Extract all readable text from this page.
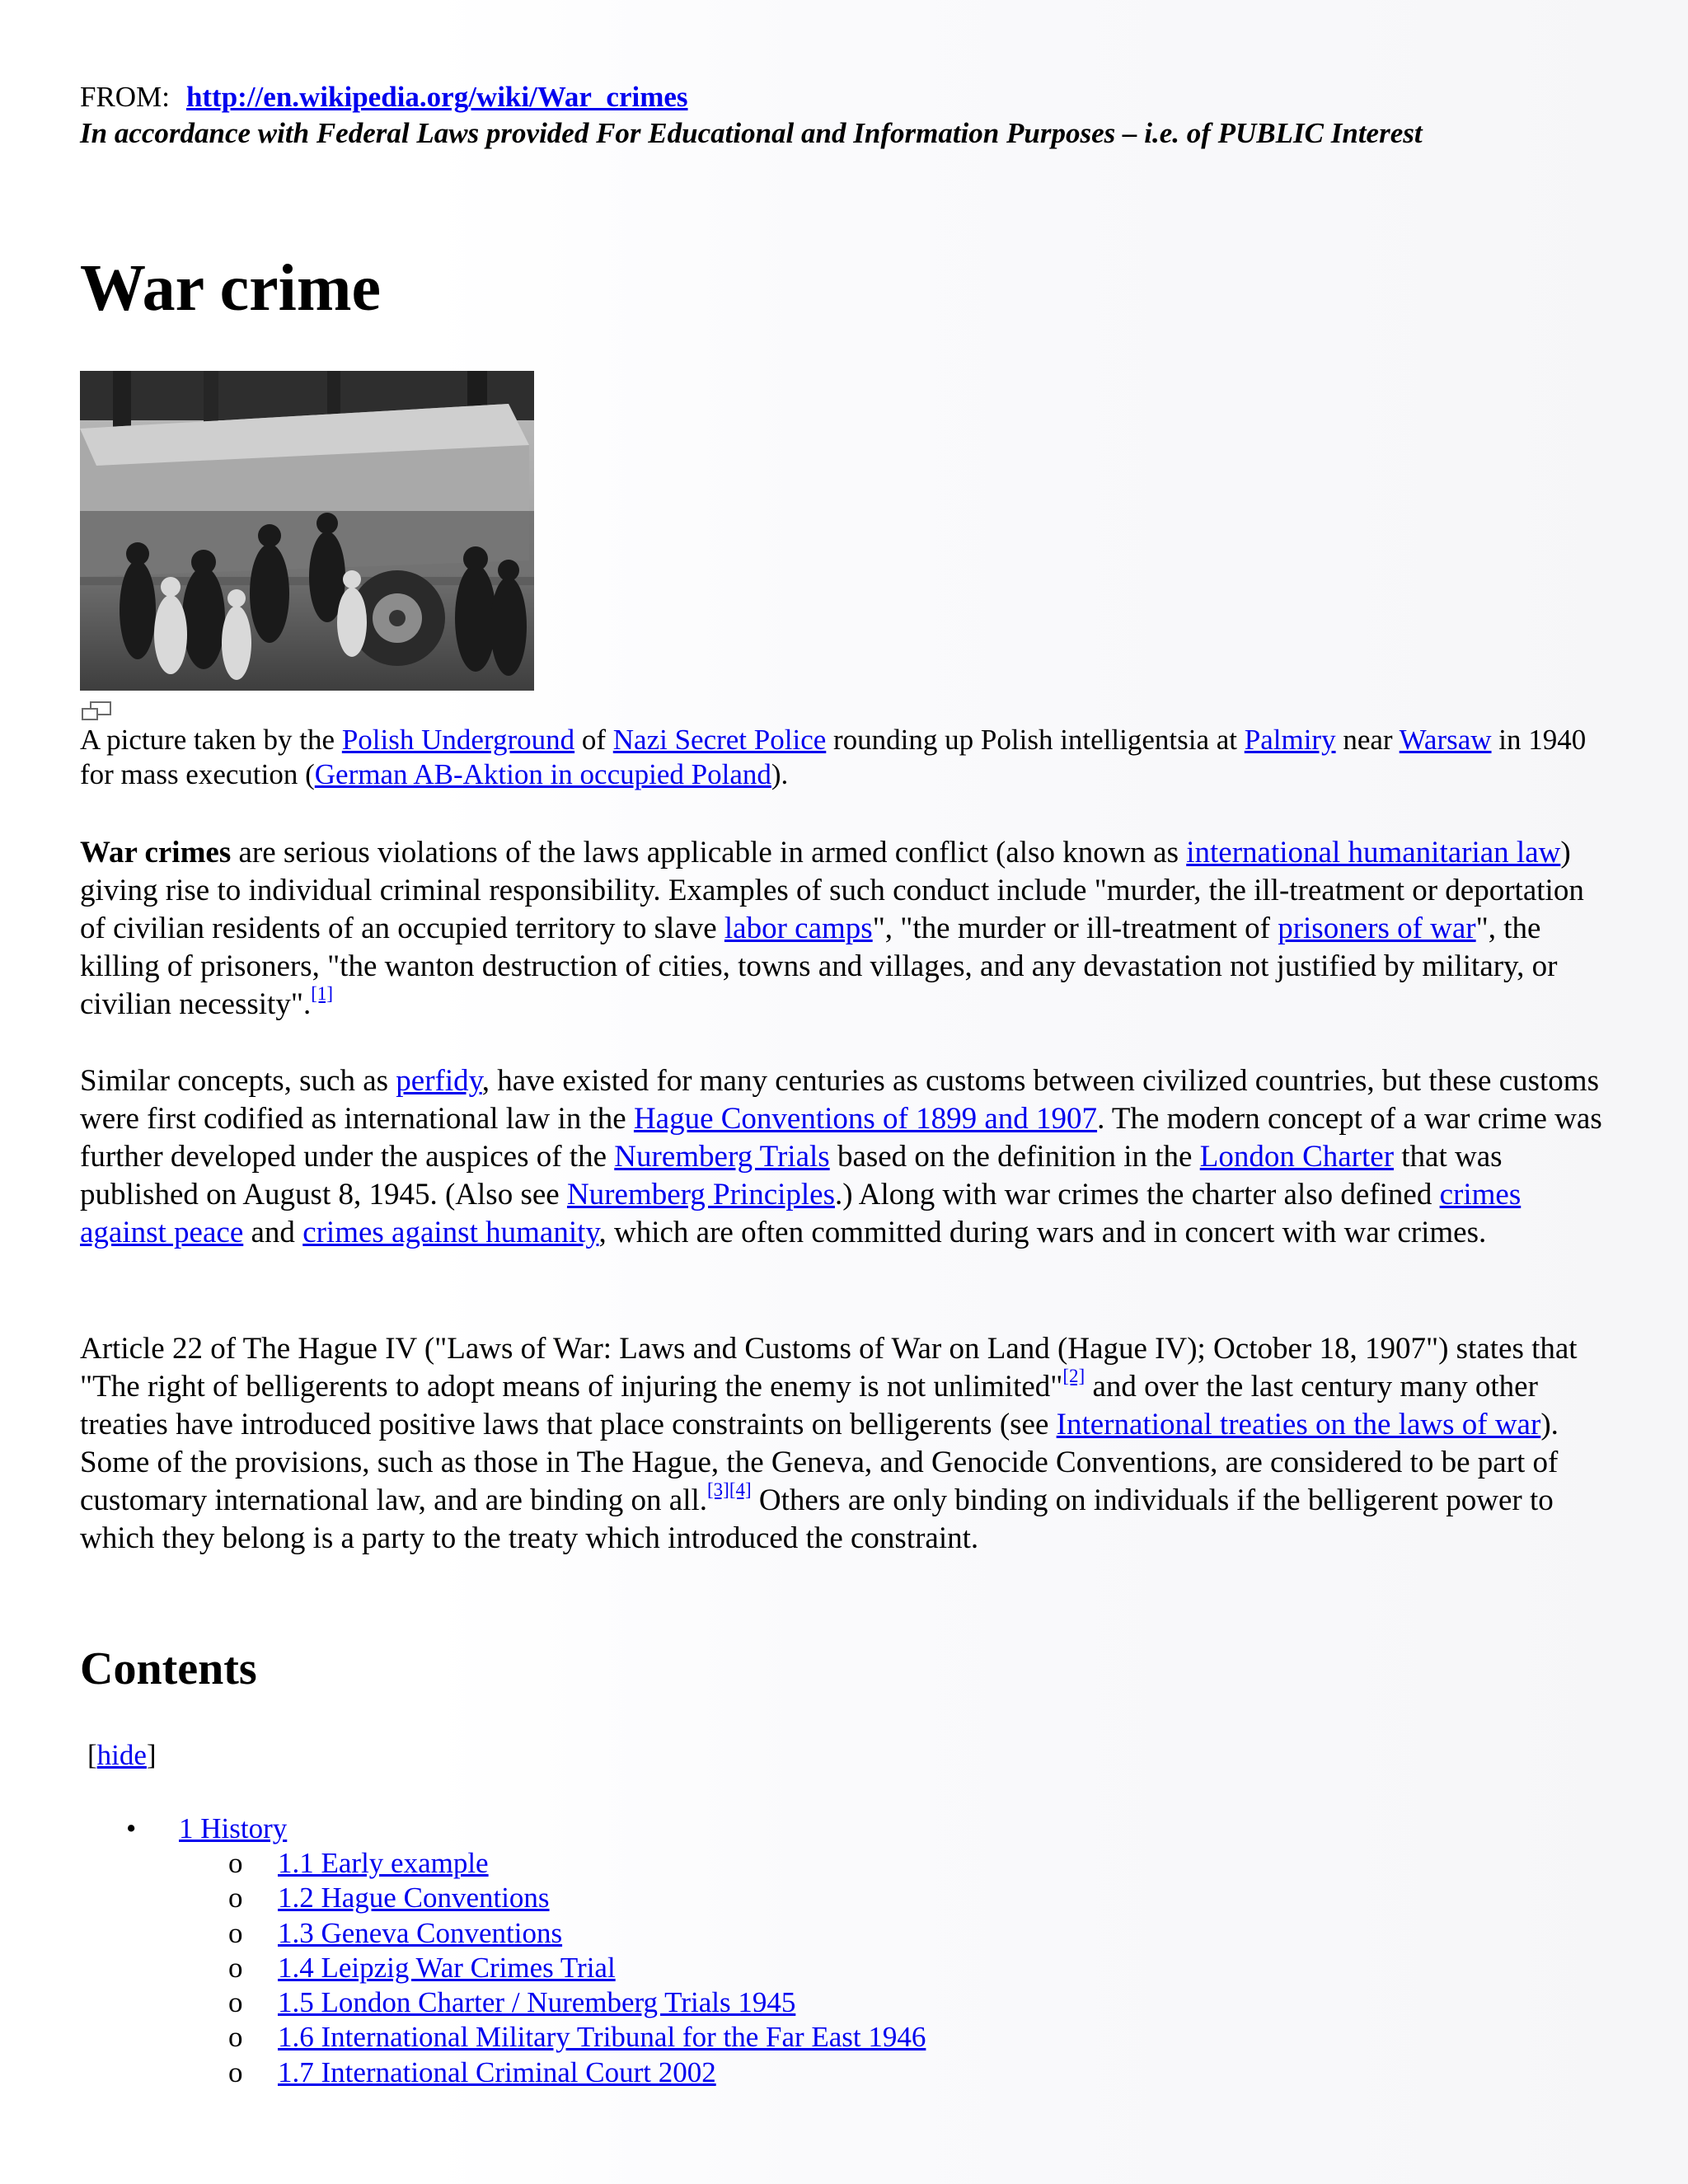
FROM: http://en.wikipedia.org/wiki/War_crimes
In accordance with Federal Laws provided For Educational and Information Purposes – i.e. of PUBLIC Interest
War crime
A picture taken by the Polish Underground of Nazi Secret Police rounding up Polish intelligentsia at Palmiry near Warsaw in 1940 for mass execution (German AB-Aktion in occupied Poland).

War crimes are serious violations of the laws applicable in armed conflict (also known as international humanitarian law) giving rise to individual criminal responsibility. Examples of such conduct include "murder, the ill-treatment or deportation of civilian residents of an occupied territory to slave labor camps", "the murder or ill-treatment of prisoners of war", the killing of prisoners, "the wanton destruction of cities, towns and villages, and any devastation not justified by military, or civilian necessity".[1]

Similar concepts, such as perfidy, have existed for many centuries as customs between civilized countries, but these customs were first codified as international law in the Hague Conventions of 1899 and 1907. The modern concept of a war crime was further developed under the auspices of the Nuremberg Trials based on the definition in the London Charter that was published on August 8, 1945. (Also see Nuremberg Principles.) Along with war crimes the charter also defined crimes against peace and crimes against humanity, which are often committed during wars and in concert with war crimes.

Article 22 of The Hague IV ("Laws of War: Laws and Customs of War on Land (Hague IV); October 18, 1907") states that "The right of belligerents to adopt means of injuring the enemy is not unlimited"[2] and over the last century many other treaties have introduced positive laws that place constraints on belligerents (see International treaties on the laws of war). Some of the provisions, such as those in The Hague, the Geneva, and Genocide Conventions, are considered to be part of customary international law, and are binding on all.[3][4] Others are only binding on individuals if the belligerent power to which they belong is a party to the treaty which introduced the constraint.

Contents
[hide]
• 1 History
o 1.1 Early example
o 1.2 Hague Conventions
o 1.3 Geneva Conventions
o 1.4 Leipzig War Crimes Trial
o 1.5 London Charter / Nuremberg Trials 1945
o 1.6 International Military Tribunal for the Far East 1946
o 1.7 International Criminal Court 2002
